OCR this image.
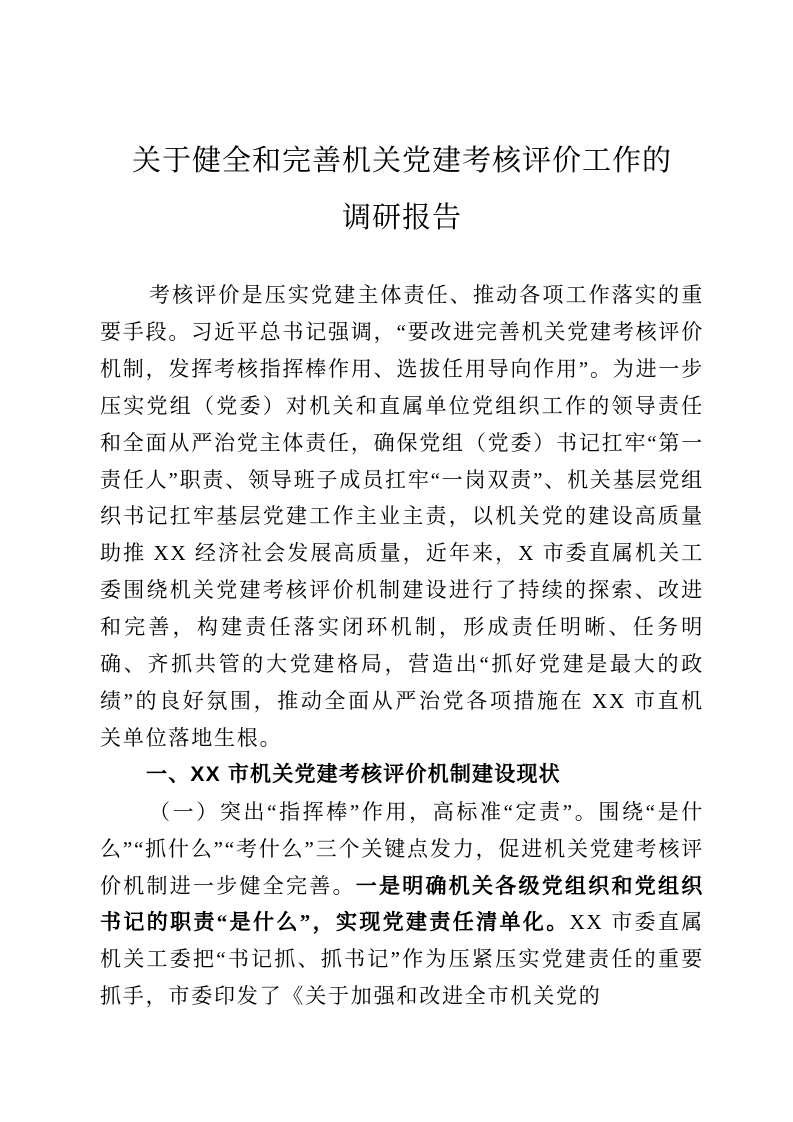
关于健全和完善机关党建考核评价工作的
调研报告

考核评价是压实党建主体责任、推动各项工作落实的重要手段。习近平总书记强调，“要改进完善机关党建考核评价机制，发挥考核指挥棒作用、选拔任用导向作用”。为进一步压实党组（党委）对机关和直属单位党组织工作的领导责任和全面从严治党主体责任，确保党组（党委）书记扛牢“第一责任人”职责、领导班子成员扛牢“一岗双责”、机关基层党组织书记扛牢基层党建工作主业主责，以机关党的建设高质量助推 XX 经济社会发展高质量，近年来，X 市委直属机关工委围绕机关党建考核评价机制建设进行了持续的探索、改进和完善，构建责任落实闭环机制，形成责任明晰、任务明确、齐抓共管的大党建格局，营造出“抓好党建是最大的政绩”的良好氛围，推动全面从严治党各项措施在 XX 市直机关单位落地生根。

一、XX 市机关党建考核评价机制建设现状

（一）突出“指挥棒”作用，高标准“定责”。围绕“是什么”“抓什么”“考什么”三个关键点发力，促进机关党建考核评价机制进一步健全完善。一是明确机关各级党组织和党组织书记的职责“是什么”，实现党建责任清单化。XX 市委直属机关工委把“书记抓、抓书记”作为压紧压实党建责任的重要抓手，市委印发了《关于加强和改进全市机关党的
